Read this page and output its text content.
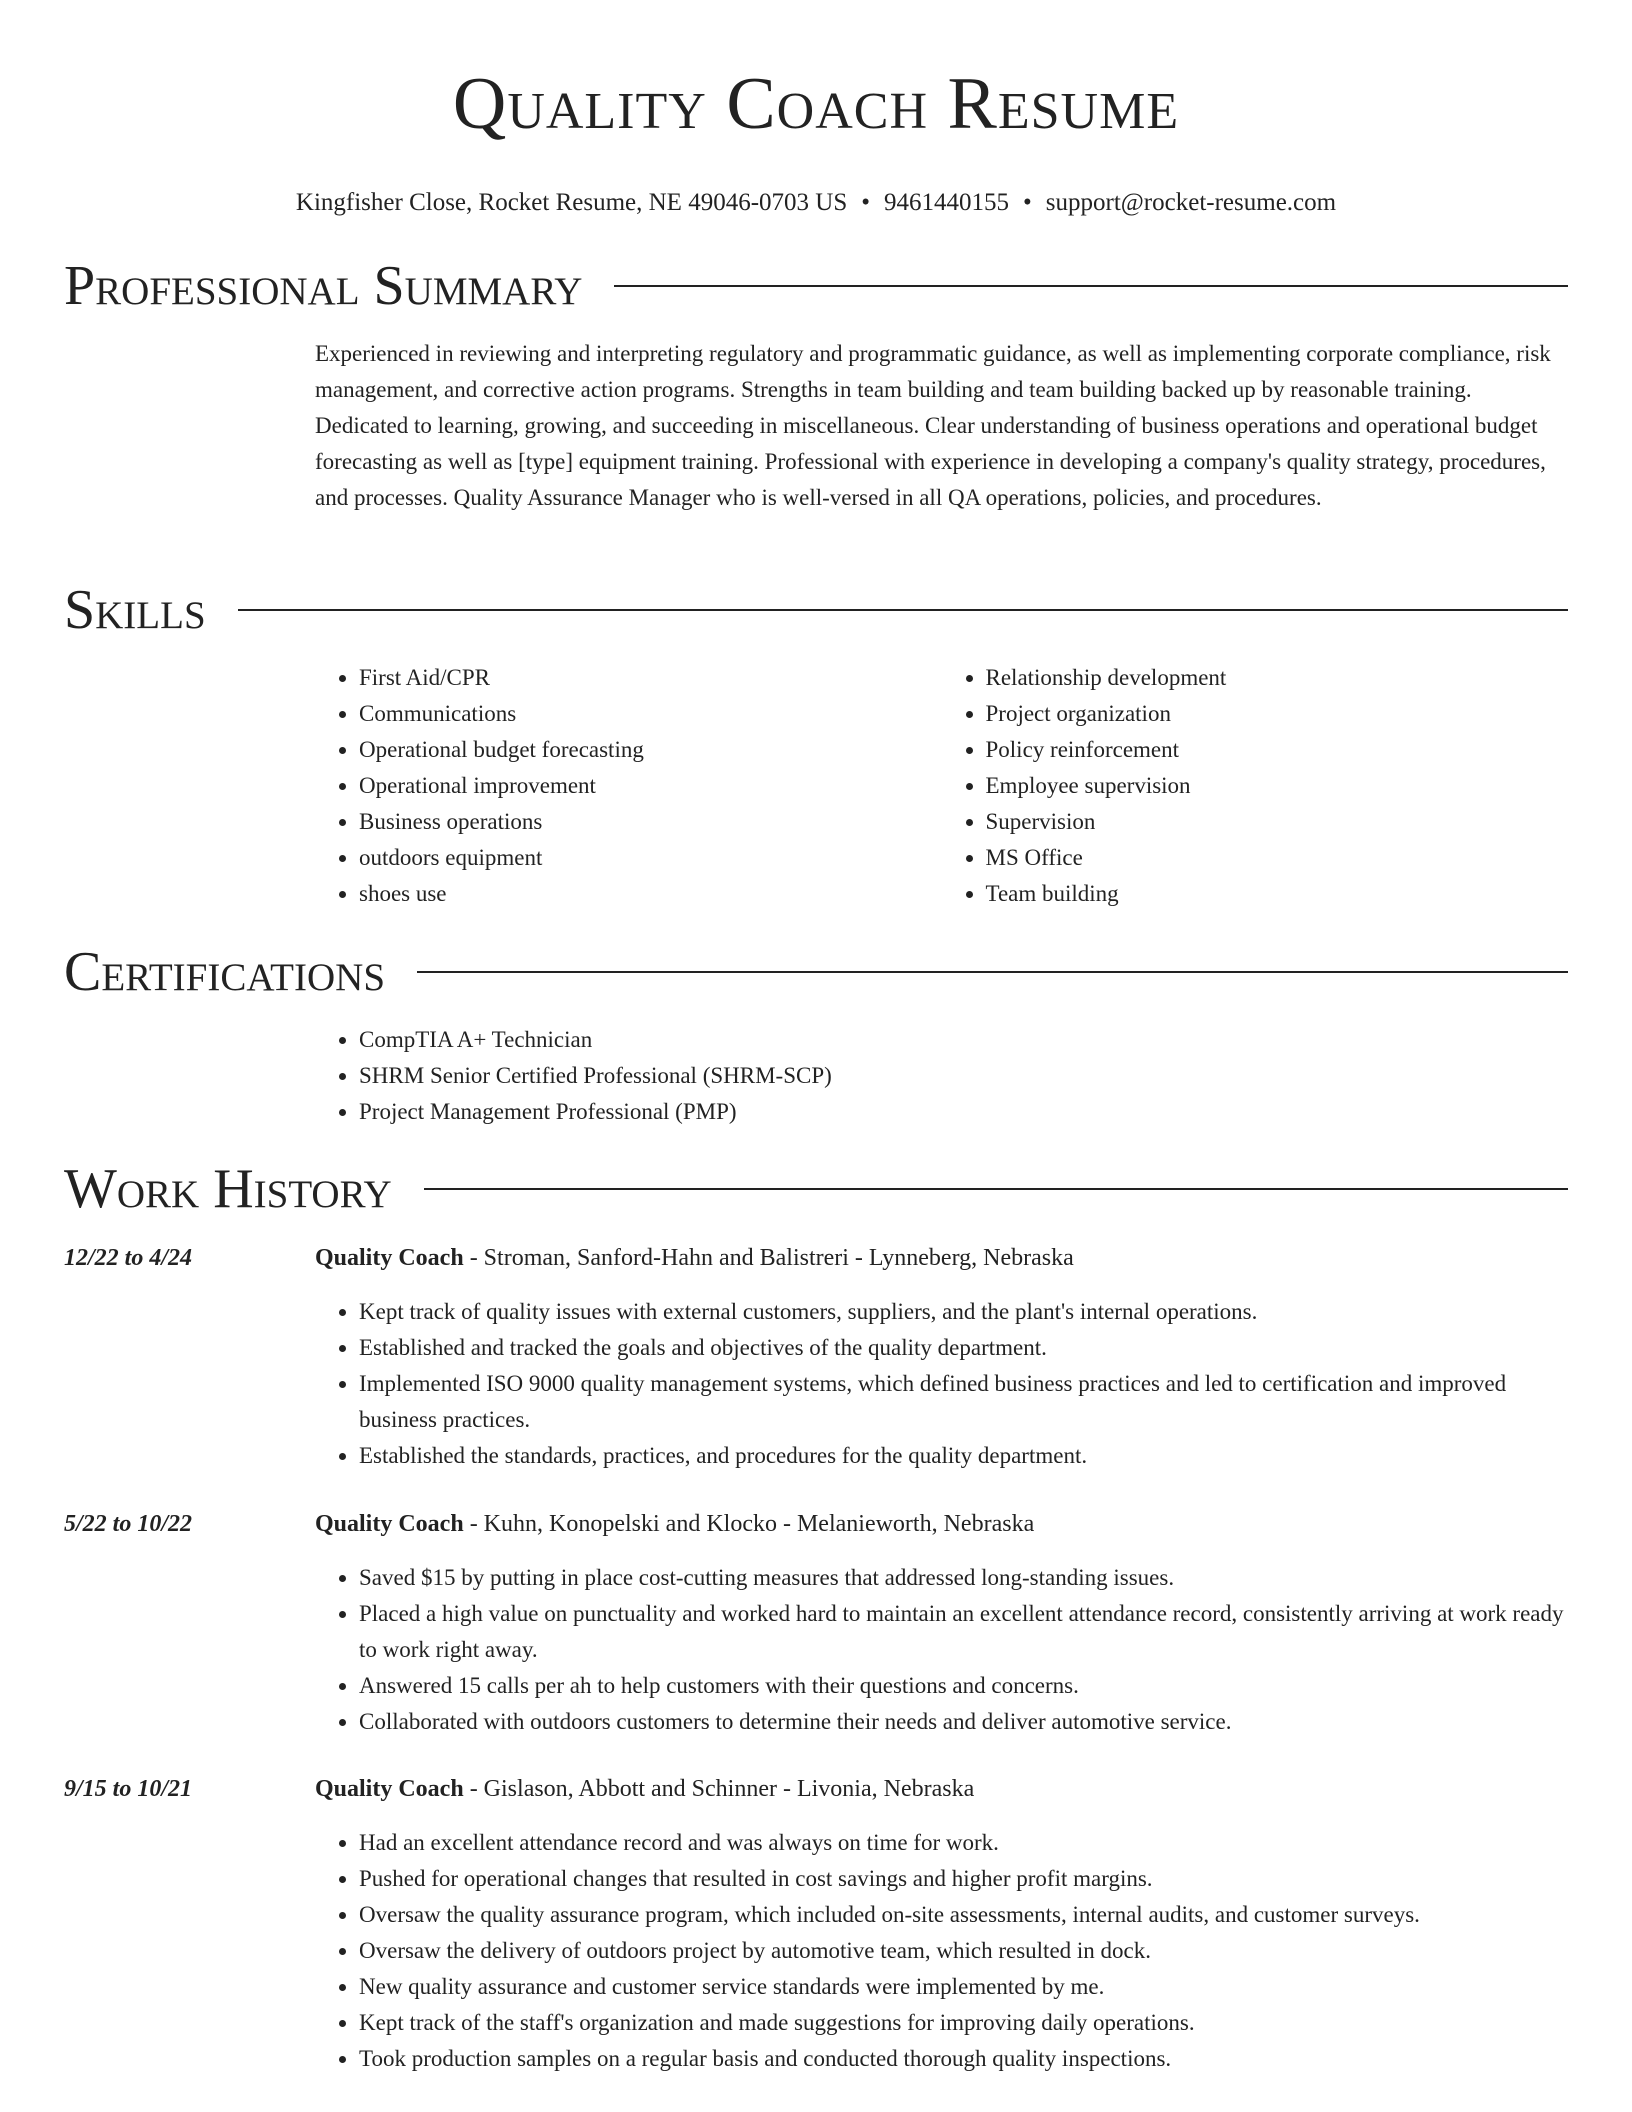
Quality Coach Resume
Kingfisher Close, Rocket Resume, NE 49046-0703 US • 9461440155 • support@rocket-resume.com
Professional Summary

Experienced in reviewing and interpreting regulatory and programmatic guidance, as well as implementing corporate compliance, risk management, and corrective action programs. Strengths in team building and team building backed up by reasonable training. Dedicated to learning, growing, and succeeding in miscellaneous. Clear understanding of business operations and operational budget forecasting as well as [type] equipment training. Professional with experience in developing a company's quality strategy, procedures, and processes. Quality Assurance Manager who is well-versed in all QA operations, policies, and procedures.

Skills
• First Aid/CPR
• Communications
• Operational budget forecasting
• Operational improvement
• Business operations
• outdoors equipment
• shoes use
• Relationship development
• Project organization
• Policy reinforcement
• Employee supervision
• Supervision
• MS Office
• Team building
Certifications
• CompTIA A+ Technician
• SHRM Senior Certified Professional (SHRM-SCP)
• Project Management Professional (PMP)
Work History
12/22 to 4/24	Quality Coach - Stroman, Sanford-Hahn and Balistreri - Lynneberg, Nebraska
• Kept track of quality issues with external customers, suppliers, and the plant's internal operations.
• Established and tracked the goals and objectives of the quality department.
• Implemented ISO 9000 quality management systems, which defined business practices and led to certification and improved business practices.
• Established the standards, practices, and procedures for the quality department.
5/22 to 10/22	Quality Coach - Kuhn, Konopelski and Klocko - Melanieworth, Nebraska
• Saved $15 by putting in place cost-cutting measures that addressed long-standing issues.
• Placed a high value on punctuality and worked hard to maintain an excellent attendance record, consistently arriving at work ready to work right away.
• Answered 15 calls per ah to help customers with their questions and concerns.
• Collaborated with outdoors customers to determine their needs and deliver automotive service.
9/15 to 10/21	Quality Coach - Gislason, Abbott and Schinner - Livonia, Nebraska
• Had an excellent attendance record and was always on time for work.
• Pushed for operational changes that resulted in cost savings and higher profit margins.
• Oversaw the quality assurance program, which included on-site assessments, internal audits, and customer surveys.
• Oversaw the delivery of outdoors project by automotive team, which resulted in dock.
• New quality assurance and customer service standards were implemented by me.
• Kept track of the staff's organization and made suggestions for improving daily operations.
• Took production samples on a regular basis and conducted thorough quality inspections.
